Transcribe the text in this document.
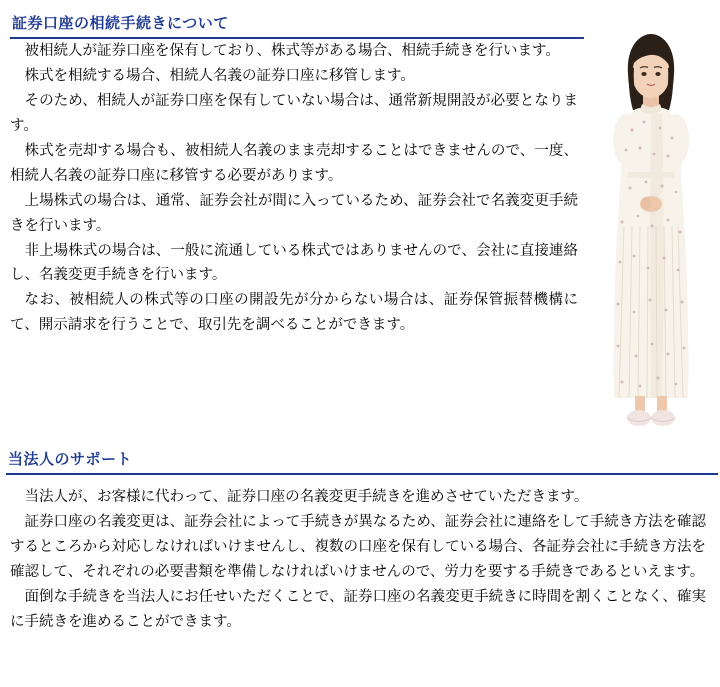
証券口座の相続手続きについて

被相続人が証券口座を保有しており、株式等がある場合、相続手続きを行います。

株式を相続する場合、相続人名義の証券口座に移管します。

そのため、相続人が証券口座を保有していない場合は、通常新規開設が必要となります。

株式を売却する場合も、被相続人名義のまま売却することはできませんので、一度、相続人名義の証券口座に移管する必要があります。

上場株式の場合は、通常、証券会社が間に入っているため、証券会社で名義変更手続きを行います。

非上場株式の場合は、一般に流通している株式ではありませんので、会社に直接連絡し、名義変更手続きを行います。

なお、被相続人の株式等の口座の開設先が分からない場合は、証券保管振替機構にて、開示請求を行うことで、取引先を調べることができます。

当法人のサポート

当法人が、お客様に代わって、証券口座の名義変更手続きを進めさせていただきます。

証券口座の名義変更は、証券会社によって手続きが異なるため、証券会社に連絡をして手続き方法を確認するところから対応しなければいけませんし、複数の口座を保有している場合、各証券会社に手続き方法を確認して、それぞれの必要書類を準備しなければいけませんので、労力を要する手続きであるといえます。

面倒な手続きを当法人にお任せいただくことで、証券口座の名義変更手続きに時間を割くことなく、確実に手続きを進めることができます。
